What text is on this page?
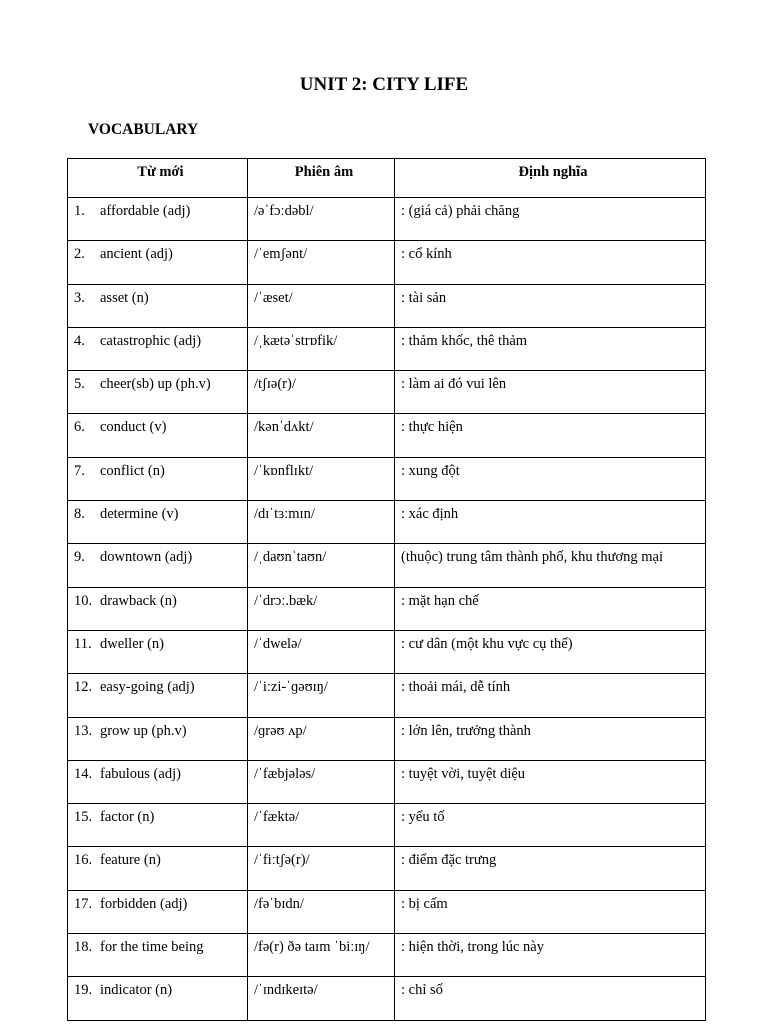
UNIT 2: CITY LIFE
VOCABULARY
Từ mới	Phiên âm	Định nghĩa
1. affordable (adj)	/əˈfɔːdəbl/	: (giá cả) phải chăng
2. ancient (adj)	/ˈemʃənt/	: cổ kính
3. asset (n)	/ˈæset/	: tài sản
4. catastrophic (adj)	/ˌkætəˈstrɒfik/	: thảm khốc, thê thảm
5. cheer(sb) up (ph.v)	/tʃɪə(r)/	: làm ai đó vui lên
6. conduct (v)	/kənˈdʌkt/	: thực hiện
7. conflict (n)	/ˈkɒnflɪkt/	: xung đột
8. determine (v)	/dɪˈtɜːmɪn/	: xác định
9. downtown (adj)	/ˌdaʊnˈtaʊn/	(thuộc) trung tâm thành phố, khu thương mại
10. drawback (n)	/ˈdrɔː.bæk/	: mặt hạn chế
11. dweller (n)	/ˈdwelə/	: cư dân (một khu vực cụ thể)
12. easy-going (adj)	/ˈiːzi-ˈɡəʊɪŋ/	: thoải mái, dễ tính
13. grow up (ph.v)	/ɡrəʊ ʌp/	: lớn lên, trưởng thành
14. fabulous (adj)	/ˈfæbjələs/	: tuyệt vời, tuyệt diệu
15. factor (n)	/ˈfæktə/	: yếu tố
16. feature (n)	/ˈfiːtʃə(r)/	: điểm đặc trưng
17. forbidden (adj)	/fəˈbɪdn/	: bị cấm
18. for the time being	/fə(r) ðə taɪm ˈbiːɪŋ/	: hiện thời, trong lúc này
19. indicator (n)	/ˈɪndɪkeɪtə/	: chỉ số
